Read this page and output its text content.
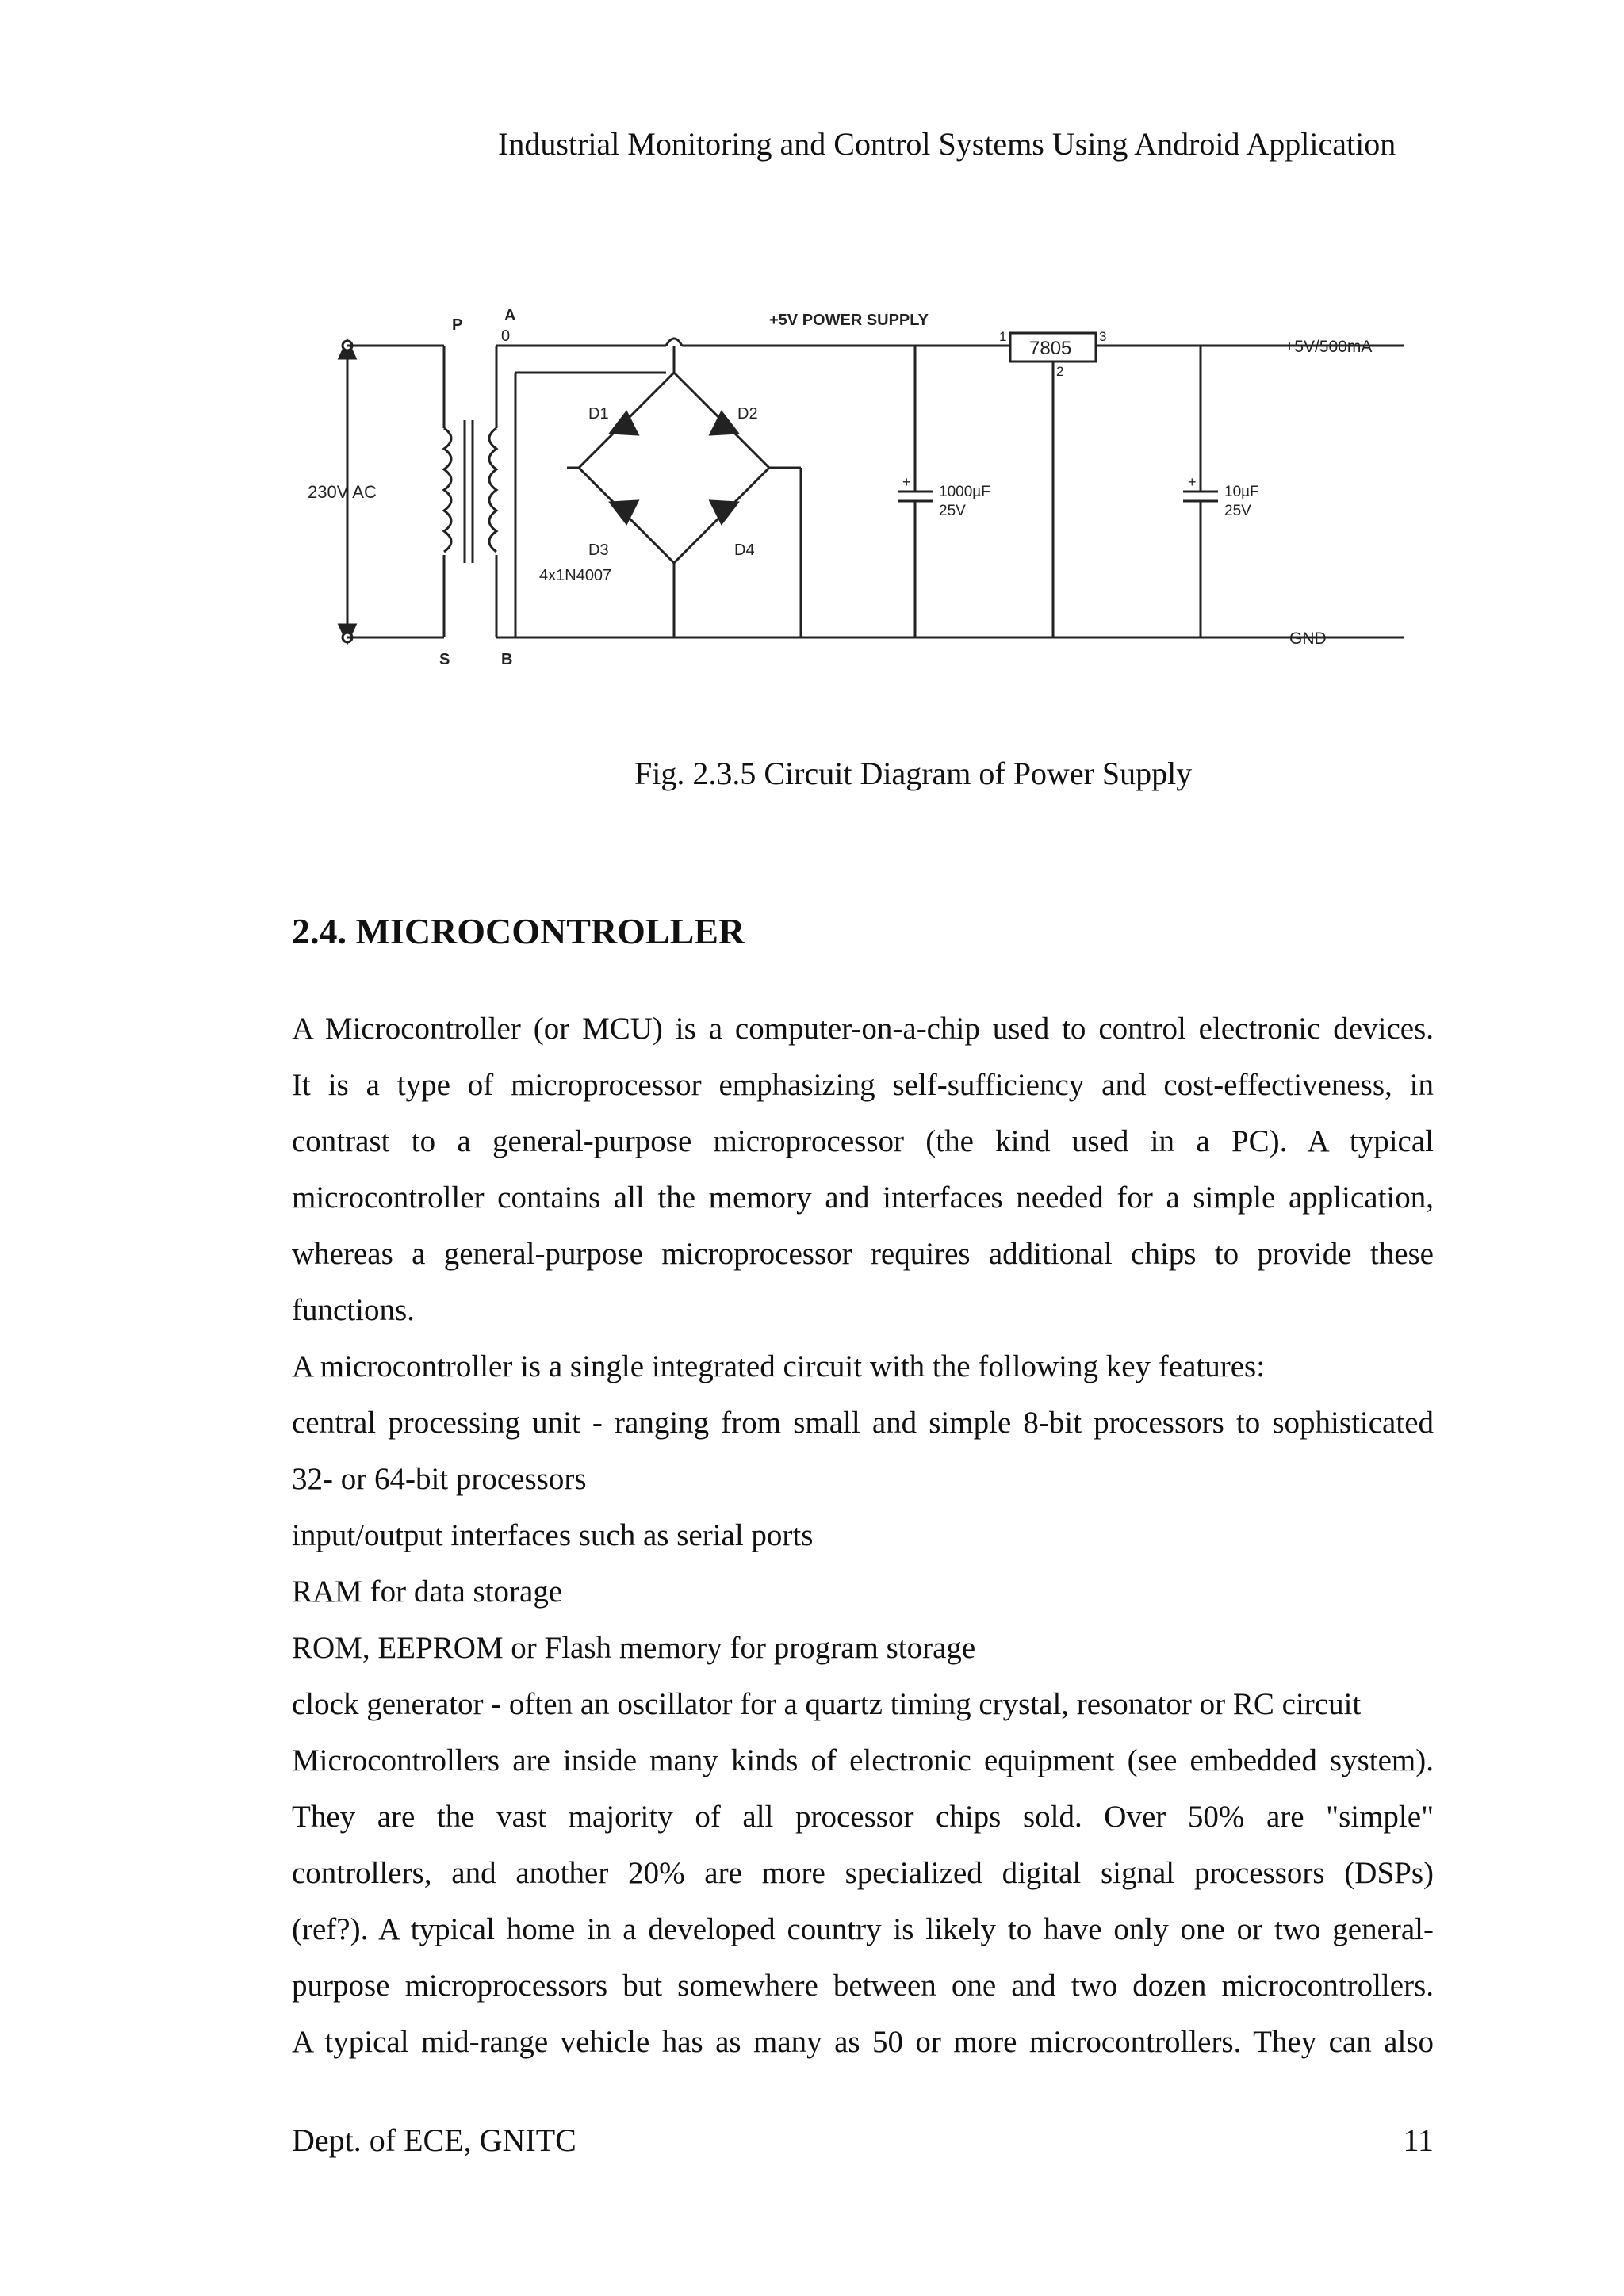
Industrial Monitoring and Control Systems Using Android Application
230V AC
P
A
S	B
0
D1	D2
D3	D4
4x1N4007
+5V POWER SUPPLY
+
1000µF
25V
7805
1	3
2
+
10µF
25V
+5V/500mA
GND
Fig. 2.3.5 Circuit Diagram of Power Supply
2.4. MICROCONTROLLER
A Microcontroller (or MCU) is a computer-on-a-chip used to control electronic devices.
It is a type of microprocessor emphasizing self-sufficiency and cost-effectiveness, in
contrast to a general-purpose microprocessor (the kind used in a PC). A typical
microcontroller contains all the memory and interfaces needed for a simple application,
whereas a general-purpose microprocessor requires additional chips to provide these
functions.
A microcontroller is a single integrated circuit with the following key features:
central processing unit - ranging from small and simple 8-bit processors to sophisticated
32- or 64-bit processors
input/output interfaces such as serial ports
RAM for data storage
ROM, EEPROM or Flash memory for program storage
clock generator - often an oscillator for a quartz timing crystal, resonator or RC circuit
Microcontrollers are inside many kinds of electronic equipment (see embedded system).
They are the vast majority of all processor chips sold. Over 50% are "simple"
controllers, and another 20% are more specialized digital signal processors (DSPs)
(ref?). A typical home in a developed country is likely to have only one or two general-
purpose microprocessors but somewhere between one and two dozen microcontrollers.
A typical mid-range vehicle has as many as 50 or more microcontrollers. They can also
Dept. of ECE, GNITC	11
